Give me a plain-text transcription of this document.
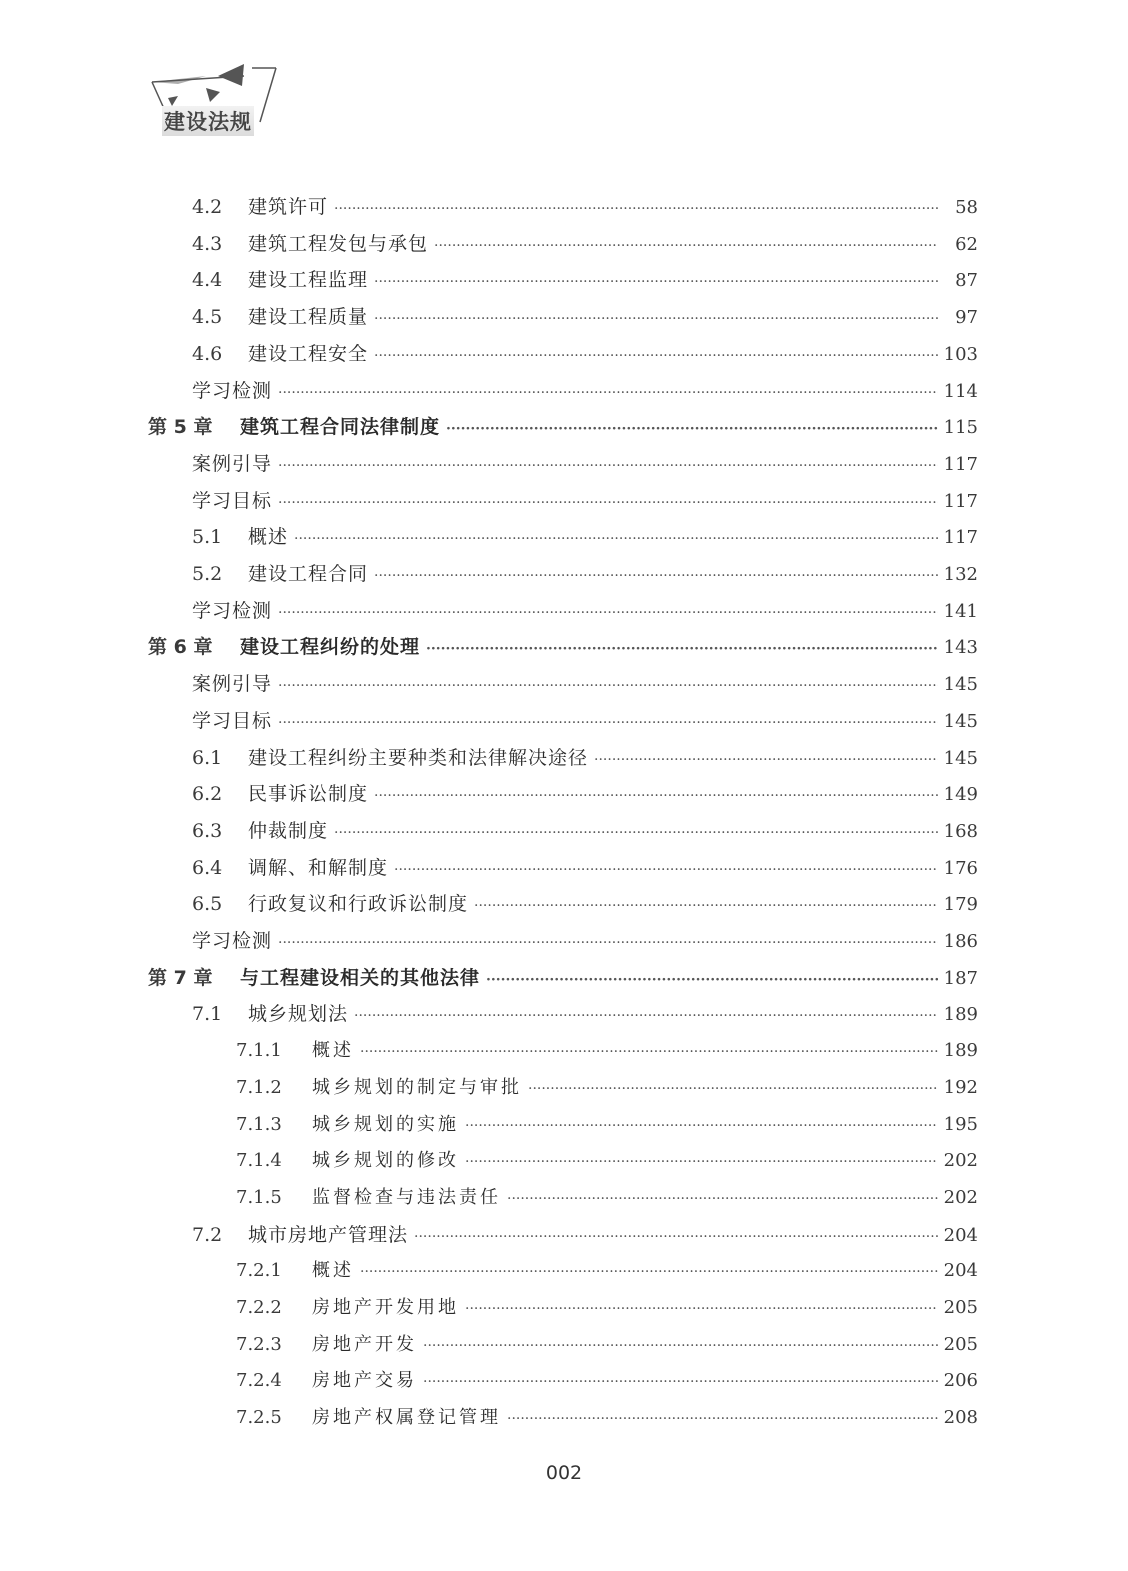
建设法规
4.2	建筑许可 ·····	58
4.3	建筑工程发包与承包 ·····	62
4.4	建设工程监理 ·····	87
4.5	建设工程质量 ·····	97
4.6	建设工程安全 ·····	103
学习检测 ·····	114
第 5 章	建筑工程合同法律制度 ·····	115
案例引导 ·····	117
学习目标 ·····	117
5.1	概述 ·····	117
5.2	建设工程合同 ·····	132
学习检测 ·····	141
第 6 章	建设工程纠纷的处理 ·····	143
案例引导 ·····	145
学习目标 ·····	145
6.1	建设工程纠纷主要种类和法律解决途径 ·····	145
6.2	民事诉讼制度 ·····	149
6.3	仲裁制度 ·····	168
6.4	调解、和解制度 ·····	176
6.5	行政复议和行政诉讼制度 ·····	179
学习检测 ·····	186
第 7 章	与工程建设相关的其他法律 ·····	187
7.1	城乡规划法 ·····	189
7.1.1	概述 ·····	189
7.1.2	城乡规划的制定与审批 ·····	192
7.1.3	城乡规划的实施 ·····	195
7.1.4	城乡规划的修改 ·····	202
7.1.5	监督检查与违法责任 ·····	202
7.2	城市房地产管理法 ·····	204
7.2.1	概述 ·····	204
7.2.2	房地产开发用地 ·····	205
7.2.3	房地产开发 ·····	205
7.2.4	房地产交易 ·····	206
7.2.5	房地产权属登记管理 ·····	208
002
